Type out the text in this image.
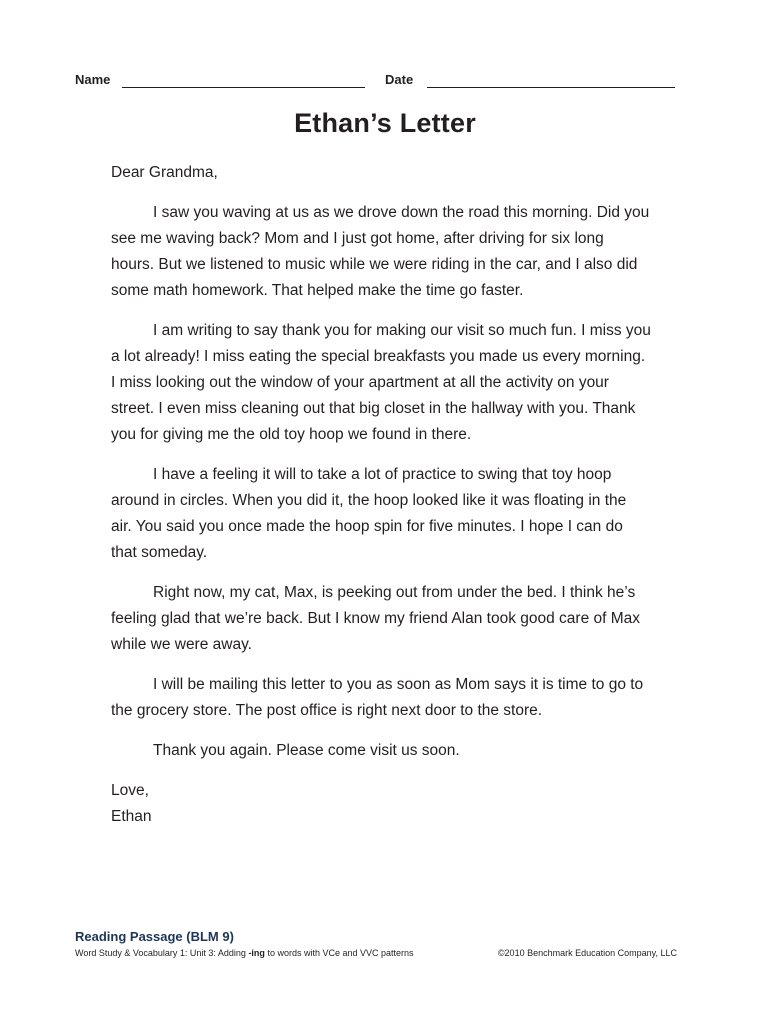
Name	Date
Ethan’s Letter

Dear Grandma,

I saw you waving at us as we drove down the road this morning. Did you see me waving back? Mom and I just got home, after driving for six long hours. But we listened to music while we were riding in the car, and I also did some math homework. That helped make the time go faster.

I am writing to say thank you for making our visit so much fun. I miss you a lot already! I miss eating the special breakfasts you made us every morning. I miss looking out the window of your apartment at all the activity on your street. I even miss cleaning out that big closet in the hallway with you. Thank you for giving me the old toy hoop we found in there.

I have a feeling it will to take a lot of practice to swing that toy hoop around in circles. When you did it, the hoop looked like it was floating in the air. You said you once made the hoop spin for five minutes. I hope I can do that someday.

Right now, my cat, Max, is peeking out from under the bed. I think he’s feeling glad that we’re back. But I know my friend Alan took good care of Max while we were away.

I will be mailing this letter to you as soon as Mom says it is time to go to the grocery store. The post office is right next door to the store.

Thank you again. Please come visit us soon.

Love,

Ethan

Reading Passage (BLM 9)
Word Study & Vocabulary 1: Unit 3: Adding -ing to words with VCe and VVC patterns	©2010 Benchmark Education Company, LLC
